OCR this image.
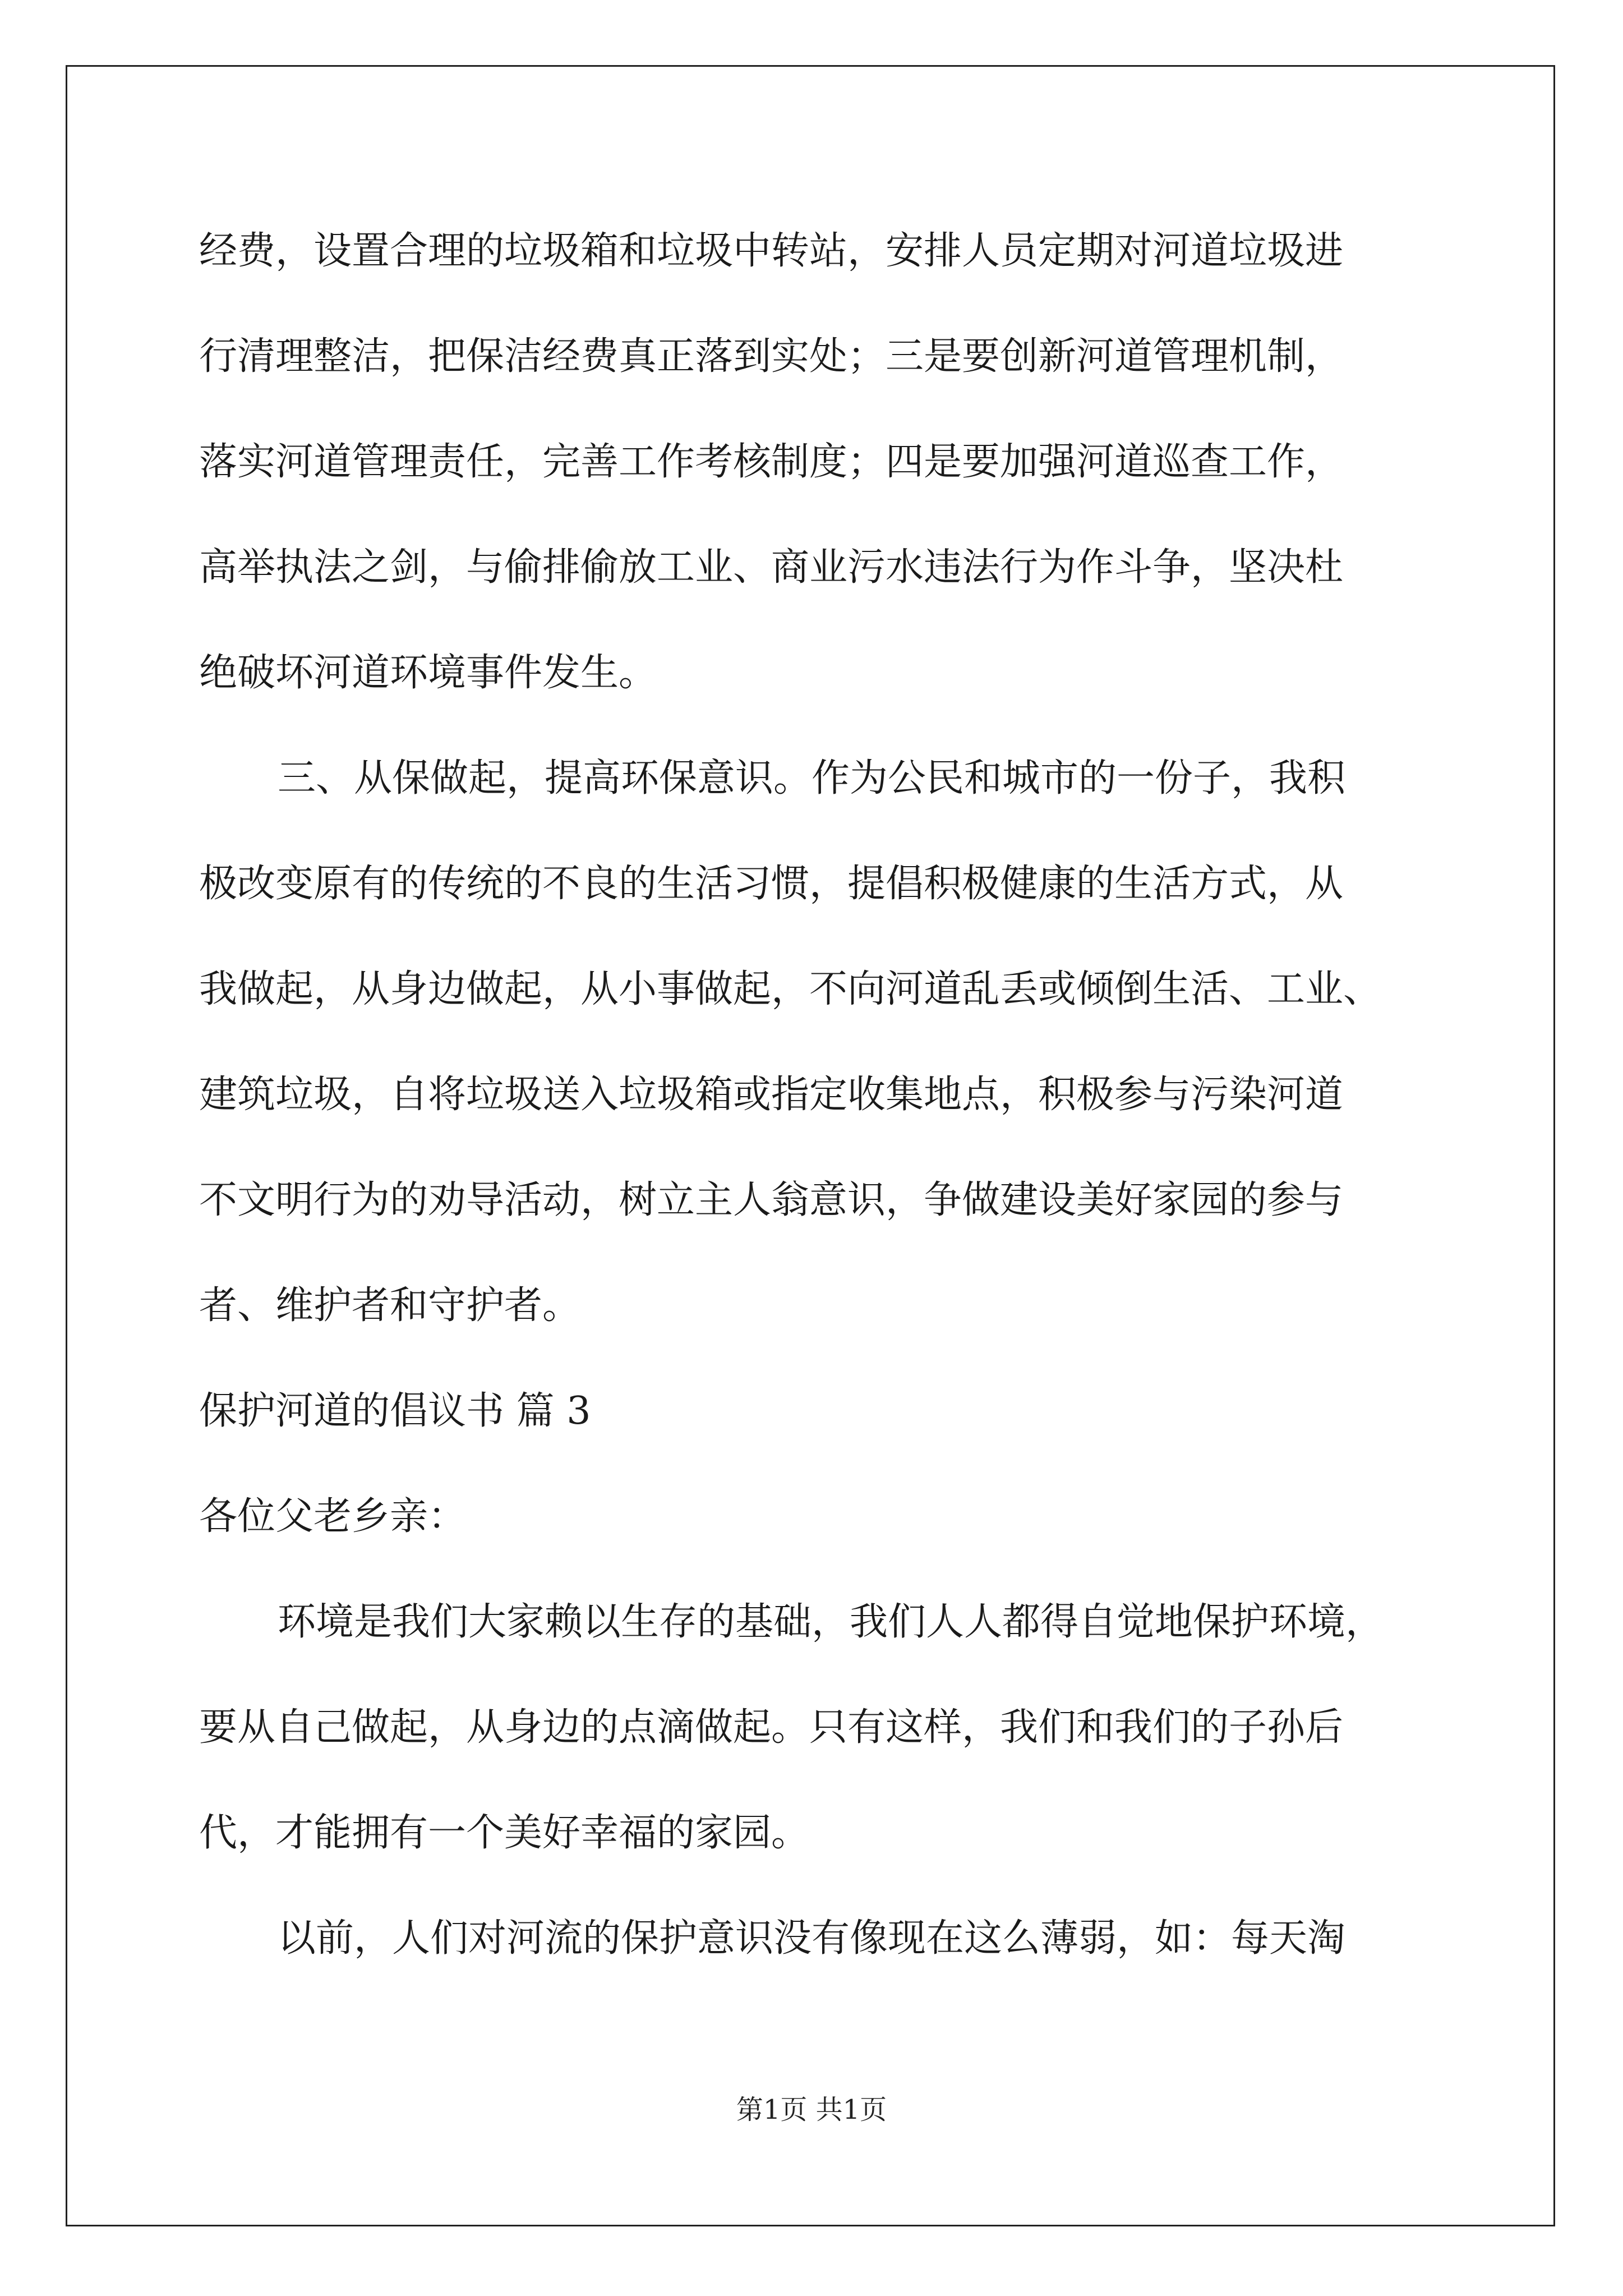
经费，设置合理的垃圾箱和垃圾中转站，安排人员定期对河道垃圾进
行清理整洁，把保洁经费真正落到实处；三是要创新河道管理机制，
落实河道管理责任，完善工作考核制度；四是要加强河道巡查工作，
高举执法之剑，与偷排偷放工业、商业污水违法行为作斗争，坚决杜
绝破坏河道环境事件发生。
三、从保做起，提高环保意识。作为公民和城市的一份子，我积
极改变原有的传统的不良的生活习惯，提倡积极健康的生活方式，从
我做起，从身边做起，从小事做起，不向河道乱丢或倾倒生活、工业、
建筑垃圾，自将垃圾送入垃圾箱或指定收集地点，积极参与污染河道
不文明行为的劝导活动，树立主人翁意识，争做建设美好家园的参与
者、维护者和守护者。
保护河道的倡议书 篇 3
各位父老乡亲：
环境是我们大家赖以生存的基础，我们人人都得自觉地保护环境，
要从自己做起，从身边的点滴做起。只有这样，我们和我们的子孙后
代，才能拥有一个美好幸福的家园。
以前，人们对河流的保护意识没有像现在这么薄弱，如：每天淘
第1页 共1页
